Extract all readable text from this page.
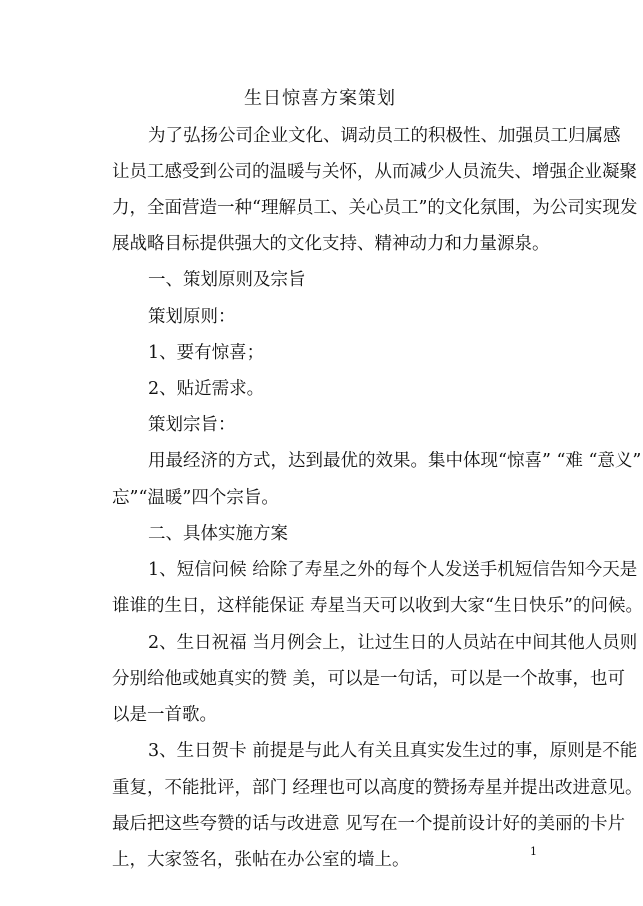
生日惊喜方案策划
为了弘扬公司企业文化、调动员工的积极性、加强员工归属感
让员工感受到公司的温暖与关怀，从而减少人员流失、增强企业凝聚
力，全面营造一种“理解员工、关心员工”的文化氛围，为公司实现发
展战略目标提供强大的文化支持、精神动力和力量源泉。
一、策划原则及宗旨
策划原则：
1、要有惊喜；
2、贴近需求。
策划宗旨：
用最经济的方式，达到最优的效果。集中体现“惊喜” “难 “意义”
忘”“温暖”四个宗旨。
二、具体实施方案
1、短信问候 给除了寿星之外的每个人发送手机短信告知今天是
谁谁的生日，这样能保证 寿星当天可以收到大家“生日快乐”的问候。
2、生日祝福 当月例会上，让过生日的人员站在中间其他人员则
分别给他或她真实的赞 美，可以是一句话，可以是一个故事，也可
以是一首歌。
3、生日贺卡 前提是与此人有关且真实发生过的事，原则是不能
重复，不能批评，部门 经理也可以高度的赞扬寿星并提出改进意见。
最后把这些夸赞的话与改进意 见写在一个提前设计好的美丽的卡片
上，大家签名，张帖在办公室的墙上。	1
